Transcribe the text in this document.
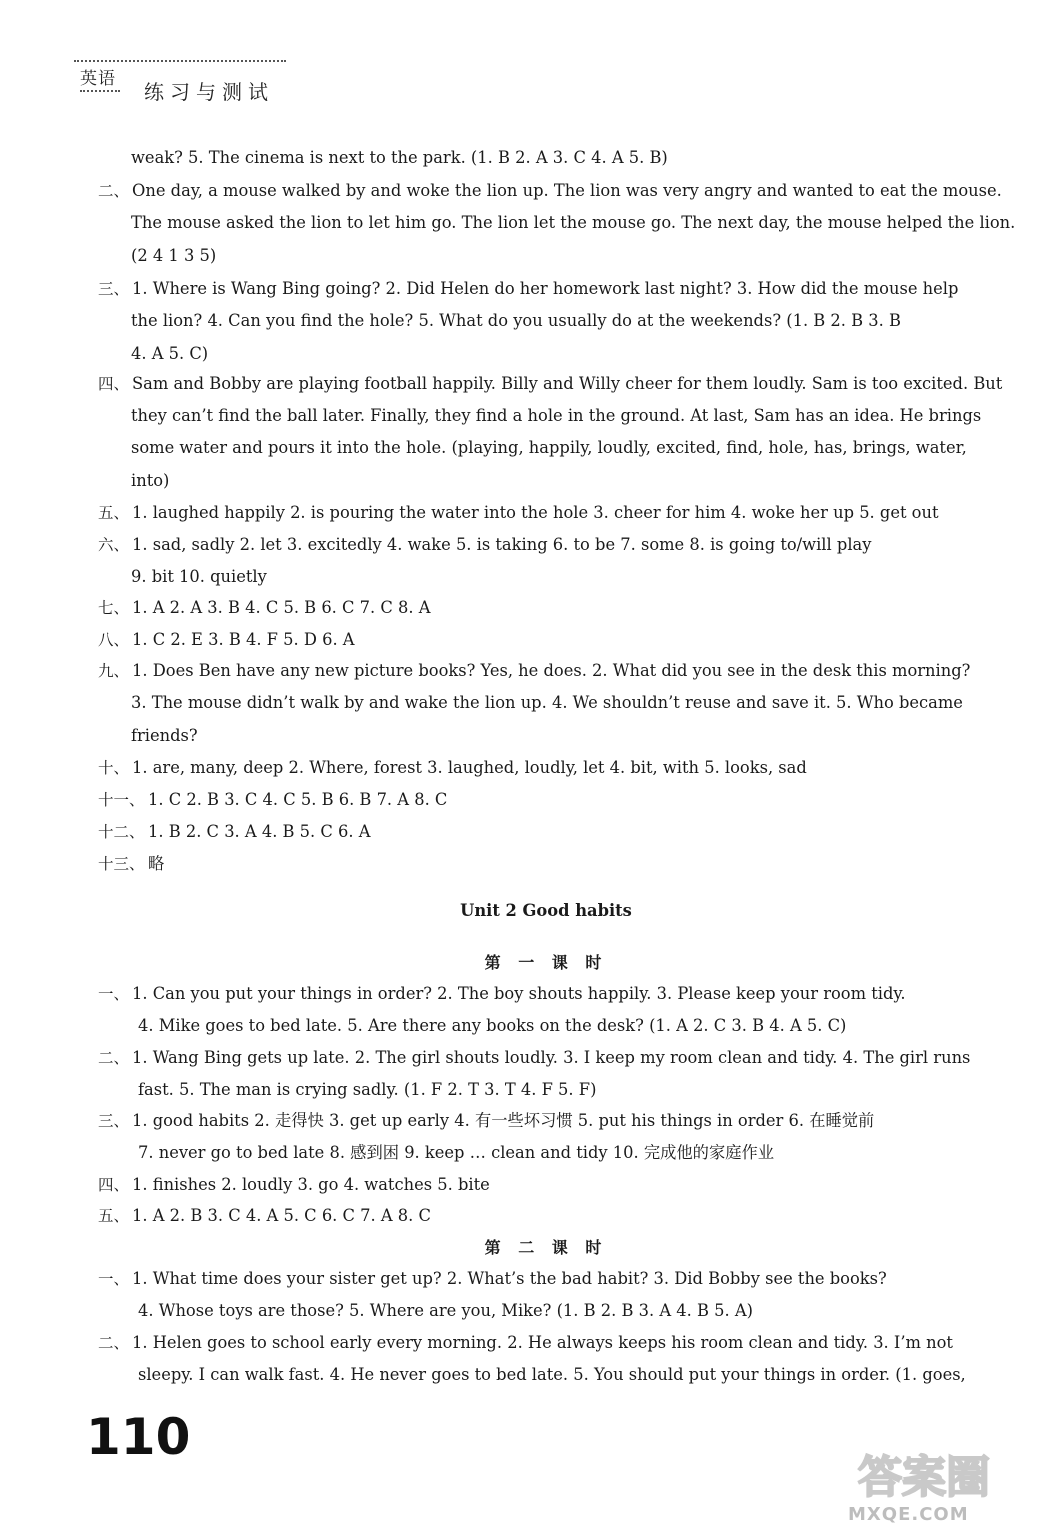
英语
练习与测试
weak? 5. The cinema is next to the park. (1. B 2. A 3. C 4. A 5. B)
二、 One day, a mouse walked by and woke the lion up. The lion was very angry and wanted to eat the mouse.
The mouse asked the lion to let him go. The lion let the mouse go. The next day, the mouse helped the lion.
(2 4 1 3 5)
三、 1. Where is Wang Bing going? 2. Did Helen do her homework last night? 3. How did the mouse help
the lion? 4. Can you find the hole? 5. What do you usually do at the weekends? (1. B 2. B 3. B
4. A 5. C)
四、 Sam and Bobby are playing football happily. Billy and Willy cheer for them loudly. Sam is too excited. But
they can’t find the ball later. Finally, they find a hole in the ground. At last, Sam has an idea. He brings
some water and pours it into the hole. (playing, happily, loudly, excited, find, hole, has, brings, water,
into)
五、 1. laughed happily 2. is pouring the water into the hole 3. cheer for him 4. woke her up 5. get out
六、 1. sad, sadly 2. let 3. excitedly 4. wake 5. is taking 6. to be 7. some 8. is going to/will play
9. bit 10. quietly
七、 1. A 2. A 3. B 4. C 5. B 6. C 7. C 8. A
八、 1. C 2. E 3. B 4. F 5. D 6. A
九、 1. Does Ben have any new picture books? Yes, he does. 2. What did you see in the desk this morning?
3. The mouse didn’t walk by and wake the lion up. 4. We shouldn’t reuse and save it. 5. Who became
friends?
十、 1. are, many, deep 2. Where, forest 3. laughed, loudly, let 4. bit, with 5. looks, sad
十一、 1. C 2. B 3. C 4. C 5. B 6. B 7. A 8. C
十二、 1. B 2. C 3. A 4. B 5. C 6. A
十三、 略
Unit 2 Good habits
第 一 课 时
一、 1. Can you put your things in order? 2. The boy shouts happily. 3. Please keep your room tidy.
4. Mike goes to bed late. 5. Are there any books on the desk? (1. A 2. C 3. B 4. A 5. C)
二、 1. Wang Bing gets up late. 2. The girl shouts loudly. 3. I keep my room clean and tidy. 4. The girl runs
fast. 5. The man is crying sadly. (1. F 2. T 3. T 4. F 5. F)
三、 1. good habits 2. 走得快 3. get up early 4. 有一些坏习惯 5. put his things in order 6. 在睡觉前
7. never go to bed late 8. 感到困 9. keep … clean and tidy 10. 完成他的家庭作业
四、 1. finishes 2. loudly 3. go 4. watches 5. bite
五、 1. A 2. B 3. C 4. A 5. C 6. C 7. A 8. C
第 二 课 时
一、 1. What time does your sister get up? 2. What’s the bad habit? 3. Did Bobby see the books?
4. Whose toys are those? 5. Where are you, Mike? (1. B 2. B 3. A 4. B 5. A)
二、 1. Helen goes to school early every morning. 2. He always keeps his room clean and tidy. 3. I’m not
sleepy. I can walk fast. 4. He never goes to bed late. 5. You should put your things in order. (1. goes,
110
答案圈
MXQE.COM
